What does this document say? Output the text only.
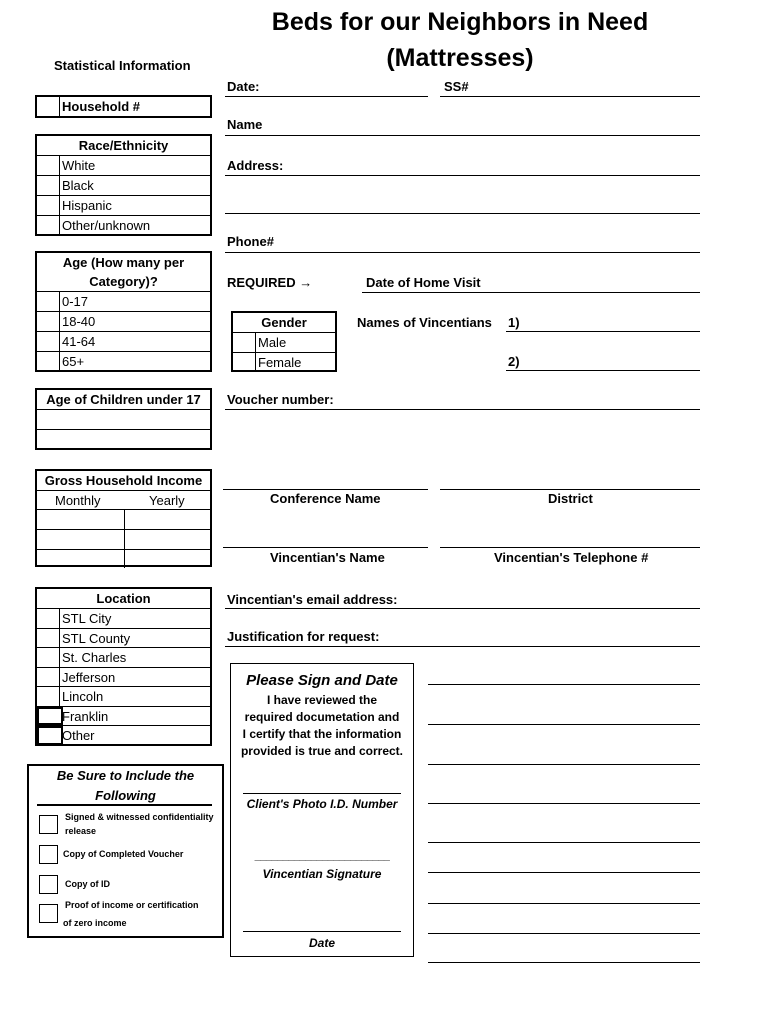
Beds for our Neighbors in Need
(Mattresses)
Statistical Information
Household #
Race/Ethnicity
White
Black
Hispanic
Other/unknown
Age (How many per
Category)?
0-17
18-40
41-64
65+
Age of Children under 17
Gross Household Income
Monthly	Yearly
Location
STL City
STL County
St. Charles
Jefferson
Lincoln
Franklin
Other
Be Sure to Include the
Following
Signed & witnessed confidentiality
release
Copy of Completed Voucher
Copy of ID
Proof of income or certification
of zero income
Date:	SS#
Name
Address:
Phone#
REQUIRED →	Date of Home Visit
Gender
Male
Female
Names of Vincentians 1)
2)
Voucher number:
Conference Name	District
Vincentian's Name	Vincentian's Telephone #
Vincentian's email address:
Justification for request:
Please Sign and Date
I have reviewed the
required documetation and
I certify that the information
provided is true and correct.
Client's Photo I.D. Number
________________________
Vincentian Signature
Date
